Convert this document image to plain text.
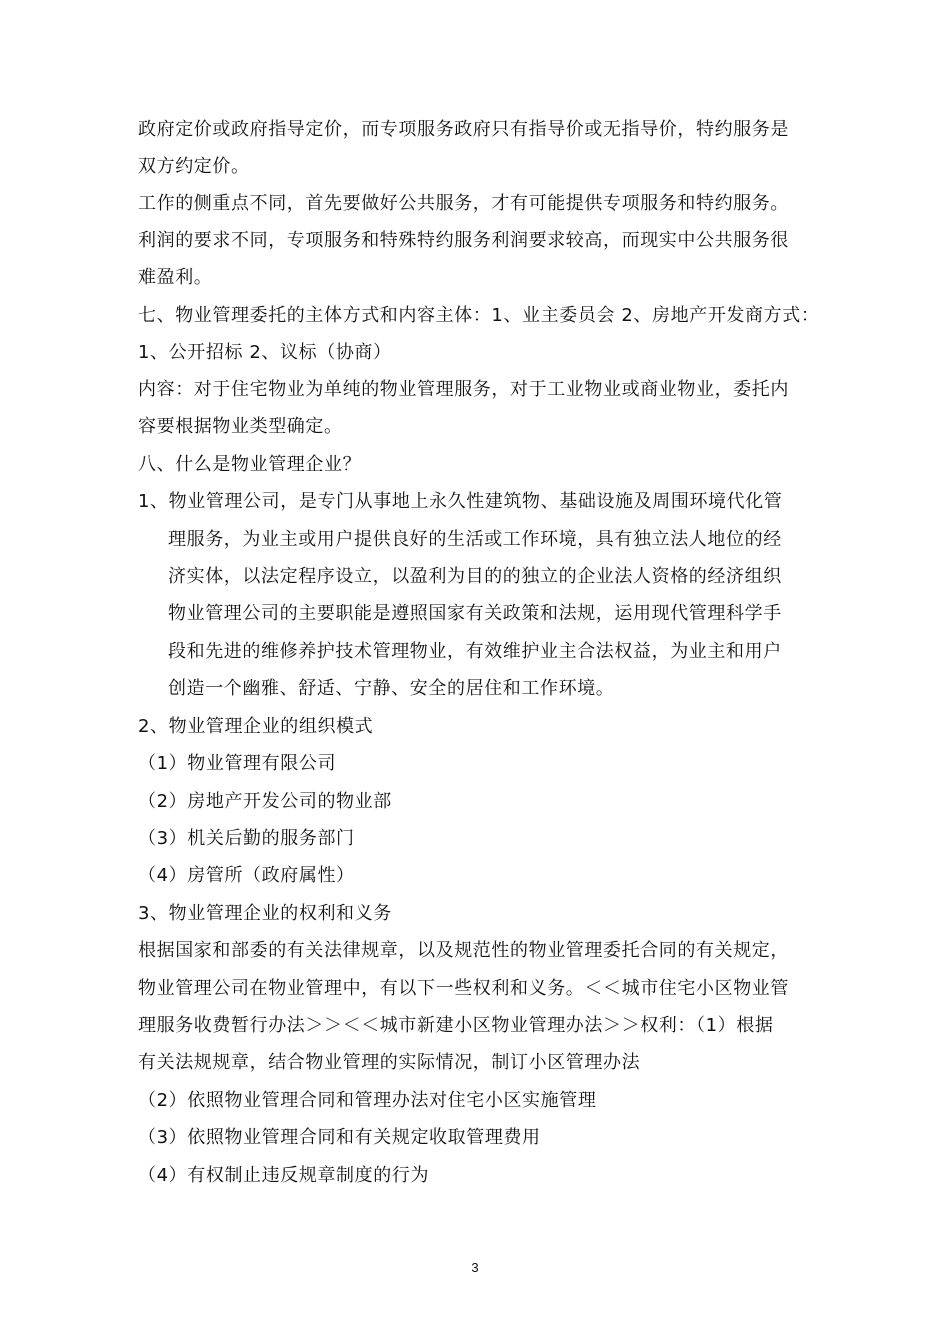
政府定价或政府指导定价，而专项服务政府只有指导价或无指导价，特约服务是
双方约定价。
工作的侧重点不同，首先要做好公共服务，才有可能提供专项服务和特约服务。
利润的要求不同，专项服务和特殊特约服务利润要求较高，而现实中公共服务很
难盈利。
七、物业管理委托的主体方式和内容主体：1、业主委员会 2、房地产开发商方式：
1、公开招标 2、议标（协商）
内容：对于住宅物业为单纯的物业管理服务，对于工业物业或商业物业，委托内
容要根据物业类型确定。
八、什么是物业管理企业？
1、物业管理公司，是专门从事地上永久性建筑物、基础设施及周围环境代化管
理服务，为业主或用户提供良好的生活或工作环境，具有独立法人地位的经
济实体，以法定程序设立，以盈利为目的的独立的企业法人资格的经济组织
物业管理公司的主要职能是遵照国家有关政策和法规，运用现代管理科学手
段和先进的维修养护技术管理物业，有效维护业主合法权益，为业主和用户
创造一个幽雅、舒适、宁静、安全的居住和工作环境。
2、物业管理企业的组织模式
（1）物业管理有限公司
（2）房地产开发公司的物业部
（3）机关后勤的服务部门
（4）房管所（政府属性）
3、物业管理企业的权利和义务
根据国家和部委的有关法律规章，以及规范性的物业管理委托合同的有关规定，
物业管理公司在物业管理中，有以下一些权利和义务。＜＜城市住宅小区物业管
理服务收费暂行办法＞＞＜＜城市新建小区物业管理办法＞＞权利：（1）根据
有关法规规章，结合物业管理的实际情况，制订小区管理办法
（2）依照物业管理合同和管理办法对住宅小区实施管理
（3）依照物业管理合同和有关规定收取管理费用
（4）有权制止违反规章制度的行为
3
